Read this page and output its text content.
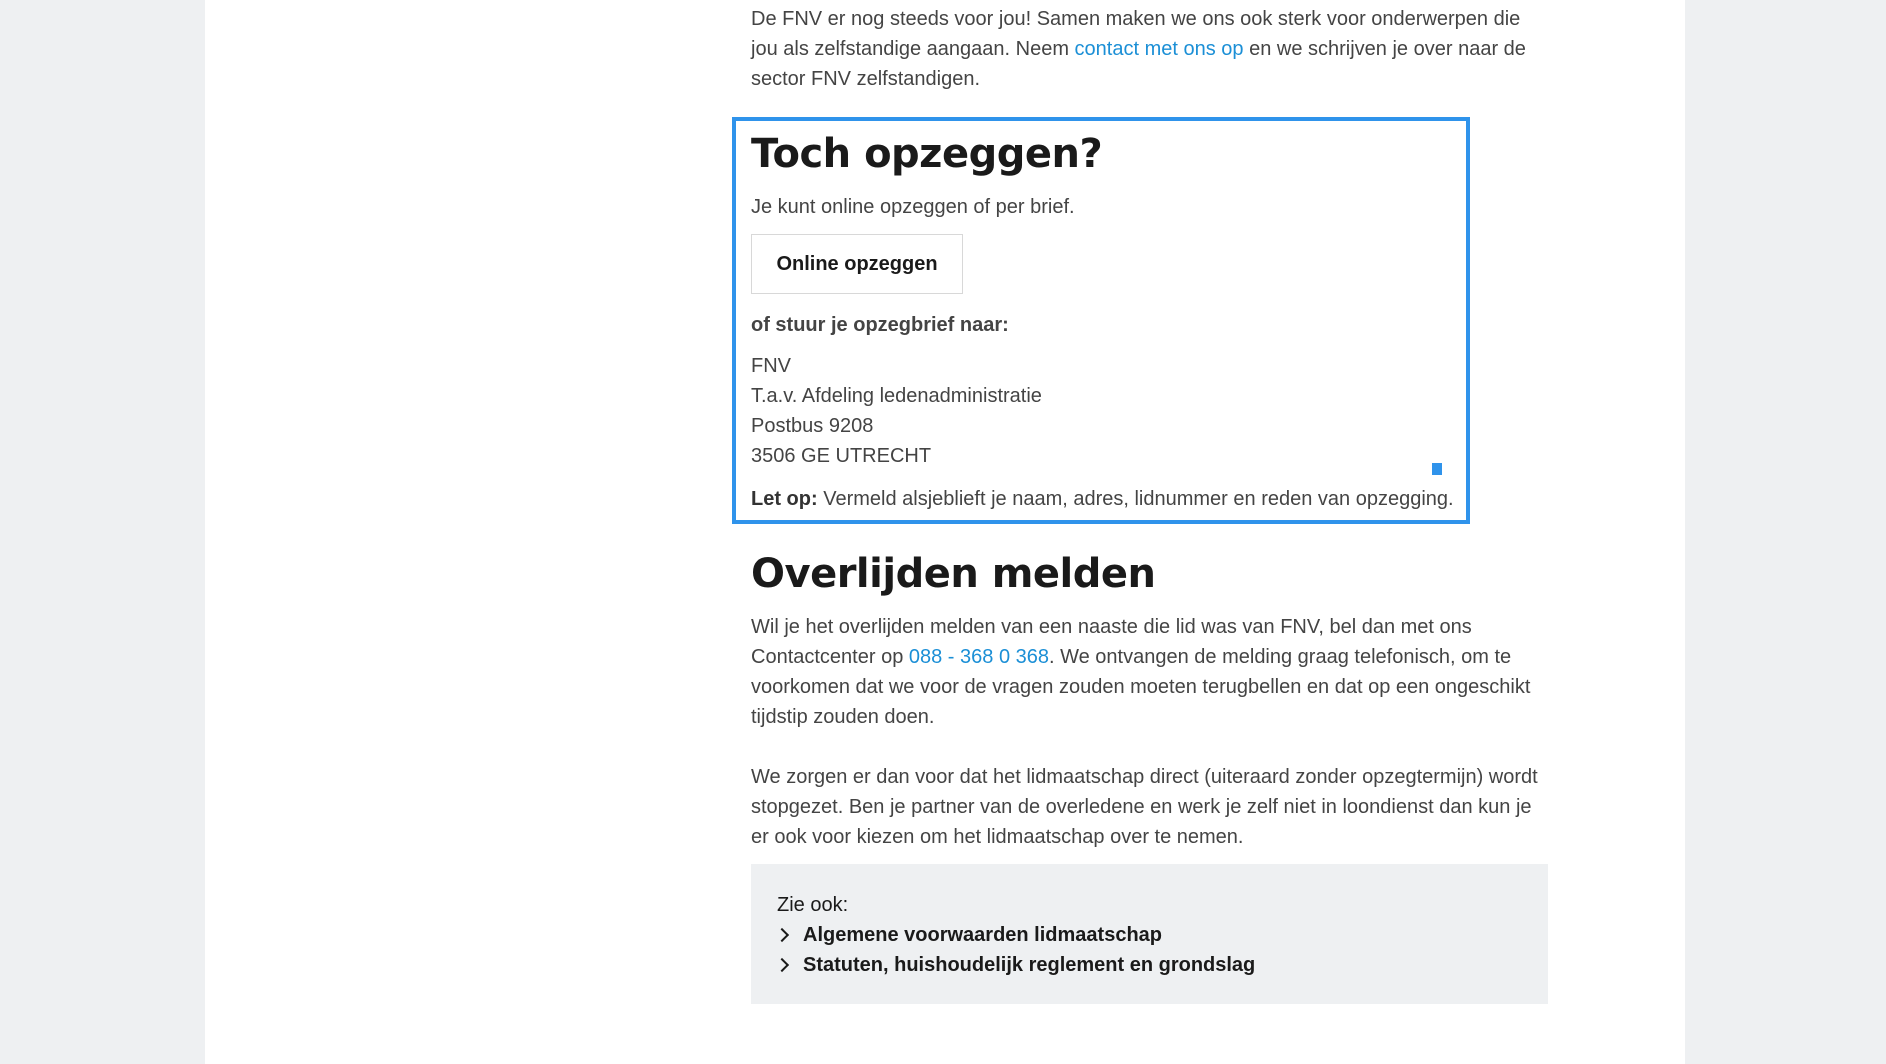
De FNV er nog steeds voor jou! Samen maken we ons ook sterk voor onderwerpen die jou als zelfstandige aangaan. Neem contact met ons op en we schrijven je over naar de sector FNV zelfstandigen.

Toch opzeggen?

Je kunt online opzeggen of per brief.

Online opzeggen

of stuur je opzegbrief naar:

FNV

T.a.v. Afdeling ledenadministratie

Postbus 9208

3506 GE UTRECHT

Let op: Vermeld alsjeblieft je naam, adres, lidnummer en reden van opzegging.

Overlijden melden

Wil je het overlijden melden van een naaste die lid was van FNV, bel dan met ons Contactcenter op 088 - 368 0 368. We ontvangen de melding graag telefonisch, om te voorkomen dat we voor de vragen zouden moeten terugbellen en dat op een ongeschikt tijdstip zouden doen.

We zorgen er dan voor dat het lidmaatschap direct (uiteraard zonder opzegtermijn) wordt stopgezet. Ben je partner van de overledene en werk je zelf niet in loondienst dan kun je er ook voor kiezen om het lidmaatschap over te nemen.

Zie ook:
Algemene voorwaarden lidmaatschap
Statuten, huishoudelijk reglement en grondslag
